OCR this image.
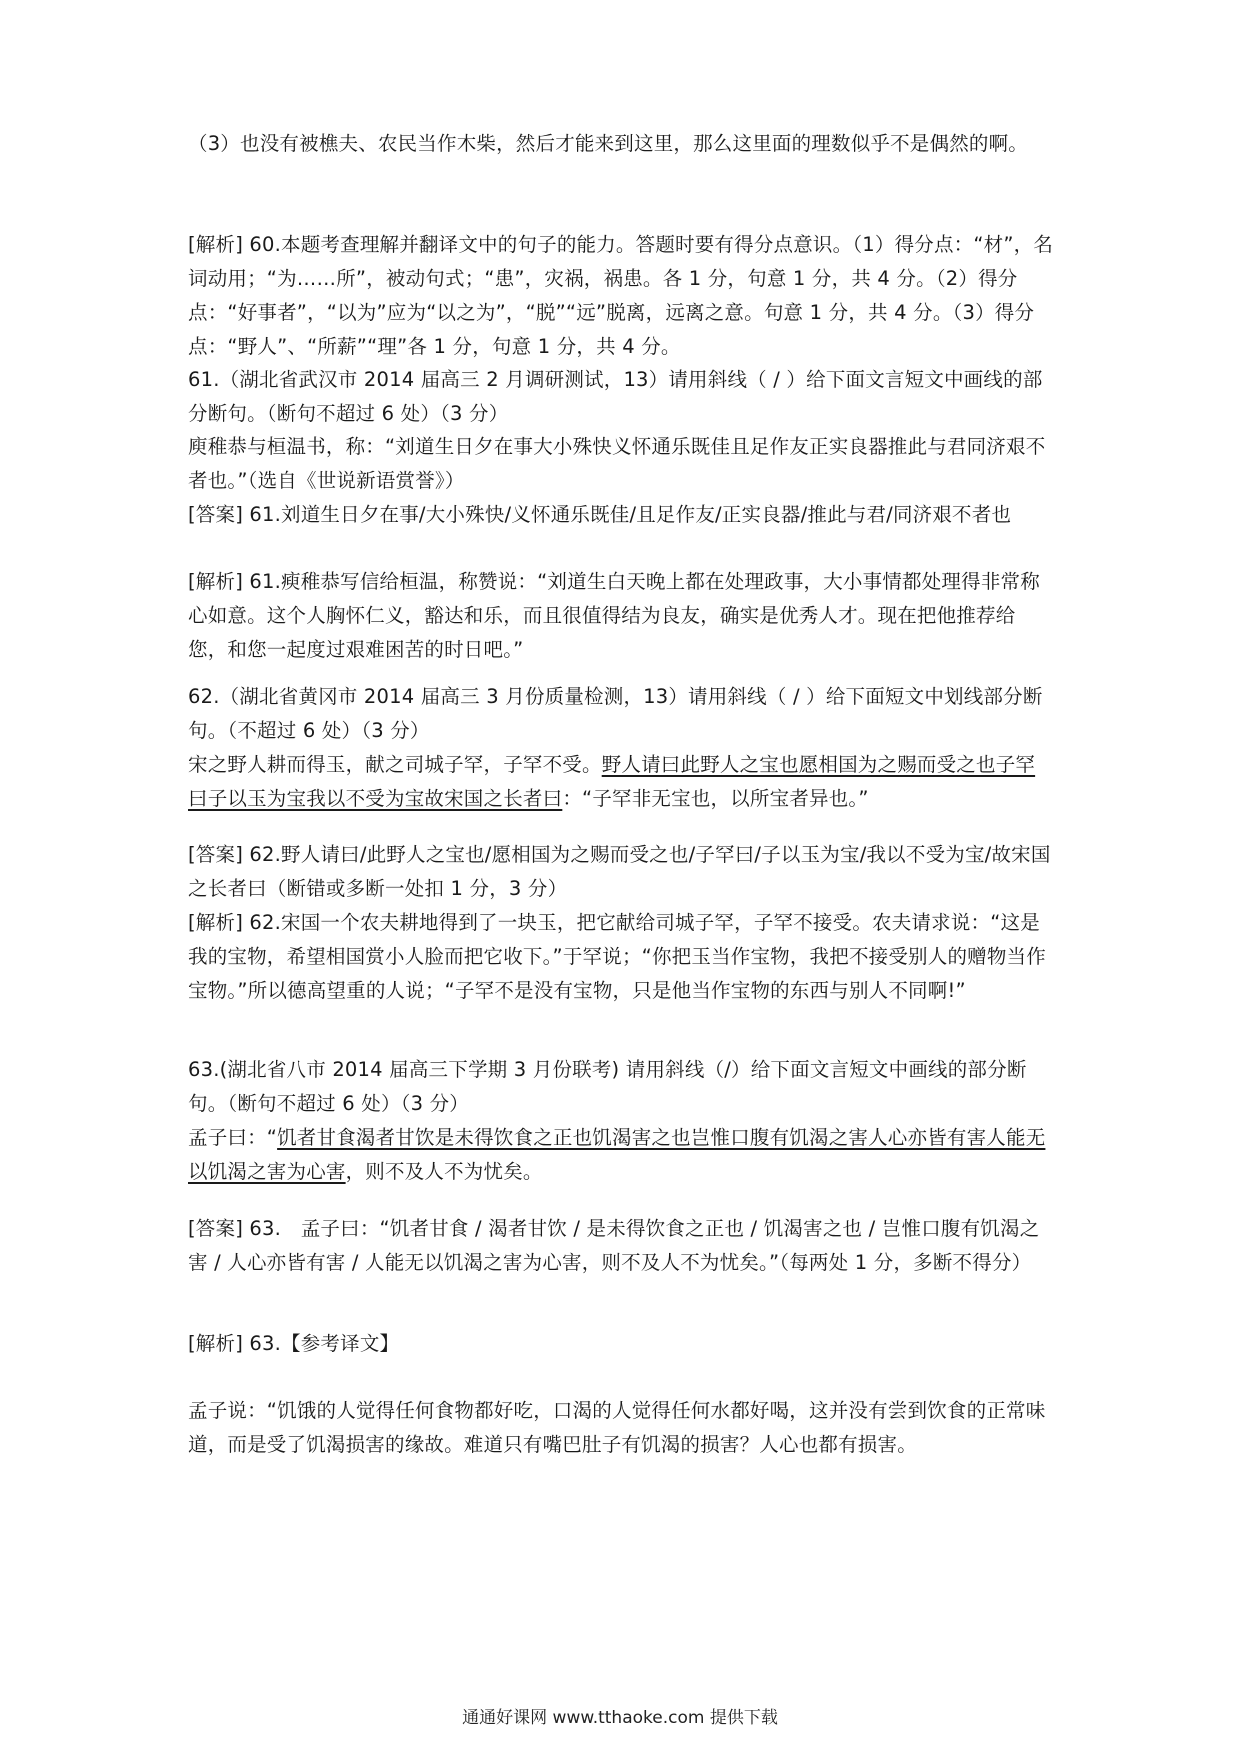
（3）也没有被樵夫、农民当作木柴，然后才能来到这里，那么这里面的理数似乎不是偶然的啊。
[解析] 60.本题考查理解并翻译文中的句子的能力。答题时要有得分点意识。（1）得分点：“材”，名词动用；“为……所”，被动句式；“患”，灾祸，祸患。各 1 分，句意 1 分，共 4 分。（2）得分点：“好事者”，“以为”应为“以之为”，“脱”“远”脱离，远离之意。句意 1 分，共 4 分。（3）得分点：“野人”、“所薪”“理”各 1 分，句意 1 分，共 4 分。
61.（湖北省武汉市 2014 届高三 2 月调研测试，13）请用斜线（ / ）给下面文言短文中画线的部分断句。（断句不超过 6 处）（3 分）
庾稚恭与桓温书，称：“刘道生日夕在事大小殊快义怀通乐既佳且足作友正实良器推此与君同济艰不者也。”（选自《世说新语赏誉》）
[答案] 61.刘道生日夕在事/大小殊快/义怀通乐既佳/且足作友/正实良器/推此与君/同济艰不者也
[解析] 61.瘐稚恭写信给桓温，称赞说：“刘道生白天晚上都在处理政事，大小事情都处理得非常称心如意。这个人胸怀仁义，豁达和乐，而且很值得结为良友，确实是优秀人才。现在把他推荐给您，和您一起度过艰难困苦的时日吧。”
62.（湖北省黄冈市 2014 届高三 3 月份质量检测，13）请用斜线（ / ）给下面短文中划线部分断句。（不超过 6 处）（3 分）
宋之野人耕而得玉，献之司城子罕，子罕不受。野人请曰此野人之宝也愿相国为之赐而受之也子罕曰子以玉为宝我以不受为宝故宋国之长者曰：“子罕非无宝也，以所宝者异也。”
[答案] 62.野人请曰/此野人之宝也/愿相国为之赐而受之也/子罕曰/子以玉为宝/我以不受为宝/故宋国之长者曰（断错或多断一处扣 1 分，3 分）
[解析] 62.宋国一个农夫耕地得到了一块玉，把它献给司城子罕，子罕不接受。农夫请求说：“这是我的宝物，希望相国赏小人脸而把它收下。”于罕说；“你把玉当作宝物，我把不接受别人的赠物当作宝物。”所以德高望重的人说；“子罕不是没有宝物，只是他当作宝物的东西与别人不同啊!”
63.(湖北省八市 2014 届高三下学期 3 月份联考) 请用斜线（/）给下面文言短文中画线的部分断句。（断句不超过 6 处）（3 分）
孟子曰：“饥者甘食渴者甘饮是未得饮食之正也饥渴害之也岂惟口腹有饥渴之害人心亦皆有害人能无以饥渴之害为心害，则不及人不为忧矣。
[答案] 63.　孟子曰：“饥者甘食 / 渴者甘饮 / 是未得饮食之正也 / 饥渴害之也 / 岂惟口腹有饥渴之害 / 人心亦皆有害 / 人能无以饥渴之害为心害，则不及人不为忧矣。”（每两处 1 分，多断不得分）
[解析] 63.【参考译文】
孟子说：“饥饿的人觉得任何食物都好吃，口渴的人觉得任何水都好喝，这并没有尝到饮食的正常味道，而是受了饥渴损害的缘故。难道只有嘴巴肚子有饥渴的损害？人心也都有损害。
通通好课网 www.tthaoke.com 提供下载
